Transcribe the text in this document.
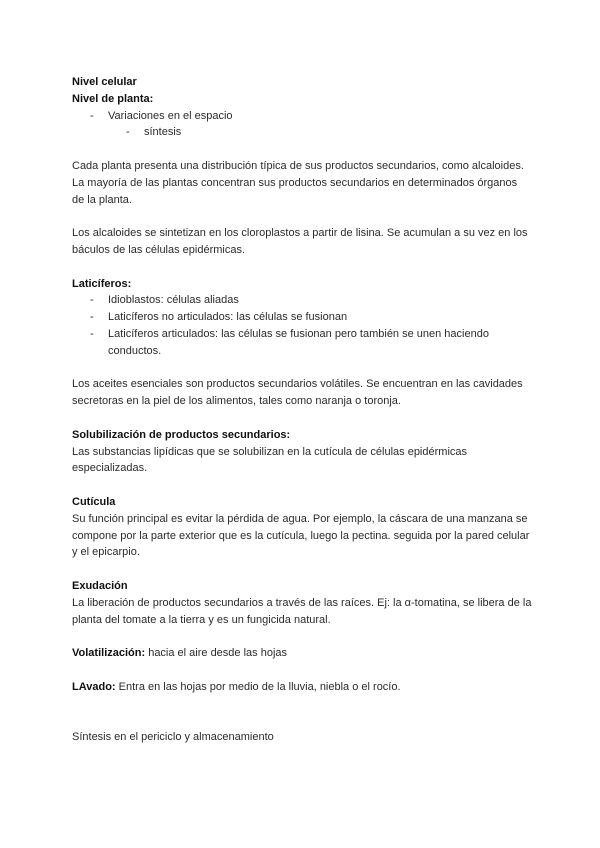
Nivel celular
Nivel de planta:
- Variaciones en el espacio
- síntesis

Cada planta presenta una distribución típica de sus productos secundarios, como alcaloides.

La mayoría de las plantas concentran sus productos secundarios en determinados órganos de la planta.

Los alcaloides se sintetizan en los cloroplastos a partir de lisina. Se acumulan a su vez en los báculos de las células epidérmicas.

Laticíferos:
- Idioblastos: células aliadas
- Laticíferos no articulados: las células se fusionan
- Laticíferos articulados: las células se fusionan pero también se unen haciendo conductos.

Los aceites esenciales son productos secundarios volátiles. Se encuentran en las cavidades secretoras en la piel de los alimentos, tales como naranja o toronja.

Solubilización de productos secundarios:

Las substancias lipídicas que se solubilizan en la cutícula de células epidérmicas especializadas.

Cutícula

Su función principal es evitar la pérdida de agua. Por ejemplo, la cáscara de una manzana se compone por la parte exterior que es la cutícula, luego la pectina. seguida por la pared celular y el epicarpio.

Exudación

La liberación de productos secundarios a través de las raíces. Ej: la α-tomatina, se libera de la planta del tomate a la tierra y es un fungicida natural.

Volatilización: hacia el aire desde las hojas

LAvado: Entra en las hojas por medio de la lluvia, niebla o el rocío.

Síntesis en el periciclo y almacenamiento
